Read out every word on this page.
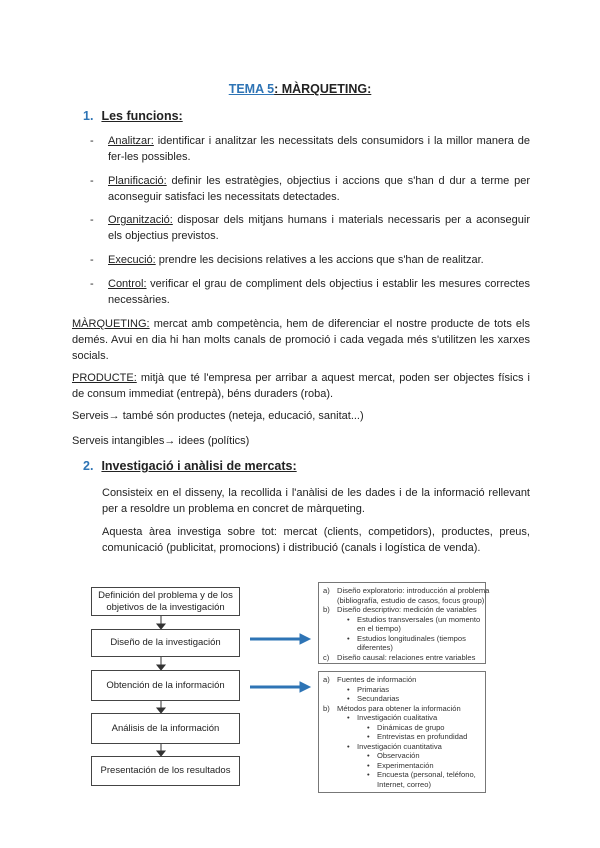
TEMA 5: MÀRQUETING:
1. Les funcions:
- Analitzar: identificar i analitzar les necessitats dels consumidors i la millor manera de fer-les possibles.
- Planificació: definir les estratègies, objectius i accions que s'han d dur a terme per aconseguir satisfaci les necessitats detectades.
- Organització: disposar dels mitjans humans i materials necessaris per a aconseguir els objectius previstos.
- Execució: prendre les decisions relatives a les accions que s'han de realitzar.
- Control: verificar el grau de compliment dels objectius i establir les mesures correctes necessàries.
MÀRQUETING: mercat amb competència, hem de diferenciar el nostre producte de tots els demés. Avui en dia hi han molts canals de promoció i cada vegada més s'utilitzen les xarxes socials.
PRODUCTE: mitjà que té l'empresa per arribar a aquest mercat, poden ser objectes físics i de consum immediat (entrepà), béns duraders (roba).
Serveis→ també són productes (neteja, educació, sanitat...)
Serveis intangibles→ idees (polítics)
2. Investigació i anàlisi de mercats:
Consisteix en el disseny, la recollida i l'anàlisi de les dades i de la informació rellevant per a resoldre un problema en concret de màrqueting.
Aquesta àrea investiga sobre tot: mercat (clients, competidors), productes, preus, comunicació (publicitat, promocions) i distribució (canals i logística de venda).
Definición del problema y de los objetivos de la investigación
Diseño de la investigación
Obtención de la información
Análisis de la información
Presentación de los resultados
a) Diseño exploratorio: introducción al problema
(bibliografía, estudio de casos, focus group)
b) Diseño descriptivo: medición de variables
• Estudios transversales (un momento
en el tiempo)
• Estudios longitudinales (tiempos
diferentes)
c) Diseño causal: relaciones entre variables
a) Fuentes de información
• Primarias
• Secundarias
b) Métodos para obtener la información
• Investigación cualitativa
• Dinámicas de grupo
• Entrevistas en profundidad
• Investigación cuantitativa
• Observación
• Experimentación
• Encuesta (personal, teléfono,
Internet, correo)
